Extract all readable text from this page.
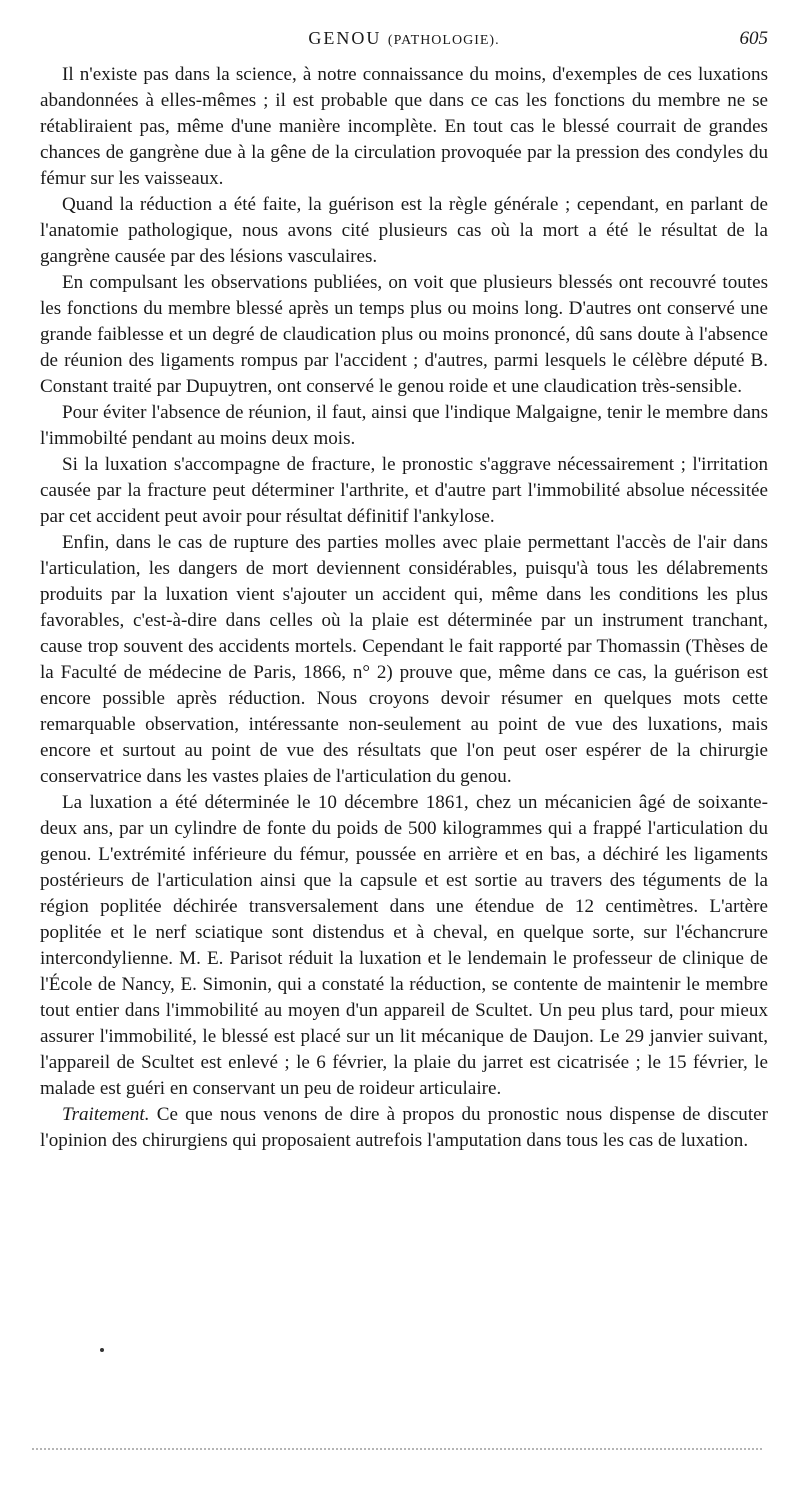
GENOU (PATHOLOGIE).	605

Il n'existe pas dans la science, à notre connaissance du moins, d'exemples de ces luxations abandonnées à elles-mêmes ; il est probable que dans ce cas les fonctions du membre ne se rétabliraient pas, même d'une manière incomplète. En tout cas le blessé courrait de grandes chances de gangrène due à la gêne de la circulation provoquée par la pression des condyles du fémur sur les vaisseaux.

Quand la réduction a été faite, la guérison est la règle générale ; cependant, en parlant de l'anatomie pathologique, nous avons cité plusieurs cas où la mort a été le résultat de la gangrène causée par des lésions vasculaires.

En compulsant les observations publiées, on voit que plusieurs blessés ont recouvré toutes les fonctions du membre blessé après un temps plus ou moins long. D'autres ont conservé une grande faiblesse et un degré de claudication plus ou moins prononcé, dû sans doute à l'absence de réunion des ligaments rompus par l'accident ; d'autres, parmi lesquels le célèbre député B. Constant traité par Dupuytren, ont conservé le genou roide et une claudication très-sensible.

Pour éviter l'absence de réunion, il faut, ainsi que l'indique Malgaigne, tenir le membre dans l'immobilté pendant au moins deux mois.

Si la luxation s'accompagne de fracture, le pronostic s'aggrave nécessairement ; l'irritation causée par la fracture peut déterminer l'arthrite, et d'autre part l'immobilité absolue nécessitée par cet accident peut avoir pour résultat définitif l'ankylose.

Enfin, dans le cas de rupture des parties molles avec plaie permettant l'accès de l'air dans l'articulation, les dangers de mort deviennent considérables, puisqu'à tous les délabrements produits par la luxation vient s'ajouter un accident qui, même dans les conditions les plus favorables, c'est-à-dire dans celles où la plaie est déterminée par un instrument tranchant, cause trop souvent des accidents mortels. Cependant le fait rapporté par Thomassin (Thèses de la Faculté de médecine de Paris, 1866, n° 2) prouve que, même dans ce cas, la guérison est encore possible après réduction. Nous croyons devoir résumer en quelques mots cette remarquable observation, intéressante non-seulement au point de vue des luxations, mais encore et surtout au point de vue des résultats que l'on peut oser espérer de la chirurgie conservatrice dans les vastes plaies de l'articulation du genou.

La luxation a été déterminée le 10 décembre 1861, chez un mécanicien âgé de soixante-deux ans, par un cylindre de fonte du poids de 500 kilogrammes qui a frappé l'articulation du genou. L'extrémité inférieure du fémur, poussée en arrière et en bas, a déchiré les ligaments postérieurs de l'articulation ainsi que la capsule et est sortie au travers des téguments de la région poplitée déchirée transversalement dans une étendue de 12 centimètres. L'artère poplitée et le nerf sciatique sont distendus et à cheval, en quelque sorte, sur l'échancrure intercondylienne. M. E. Parisot réduit la luxation et le lendemain le professeur de clinique de l'École de Nancy, E. Simonin, qui a constaté la réduction, se contente de maintenir le membre tout entier dans l'immobilité au moyen d'un appareil de Scultet. Un peu plus tard, pour mieux assurer l'immobilité, le blessé est placé sur un lit mécanique de Daujon. Le 29 janvier suivant, l'appareil de Scultet est enlevé ; le 6 février, la plaie du jarret est cicatrisée ; le 15 février, le malade est guéri en conservant un peu de roideur articulaire.

Traitement. Ce que nous venons de dire à propos du pronostic nous dispense de discuter l'opinion des chirurgiens qui proposaient autrefois l'amputation dans tous les cas de luxation.
